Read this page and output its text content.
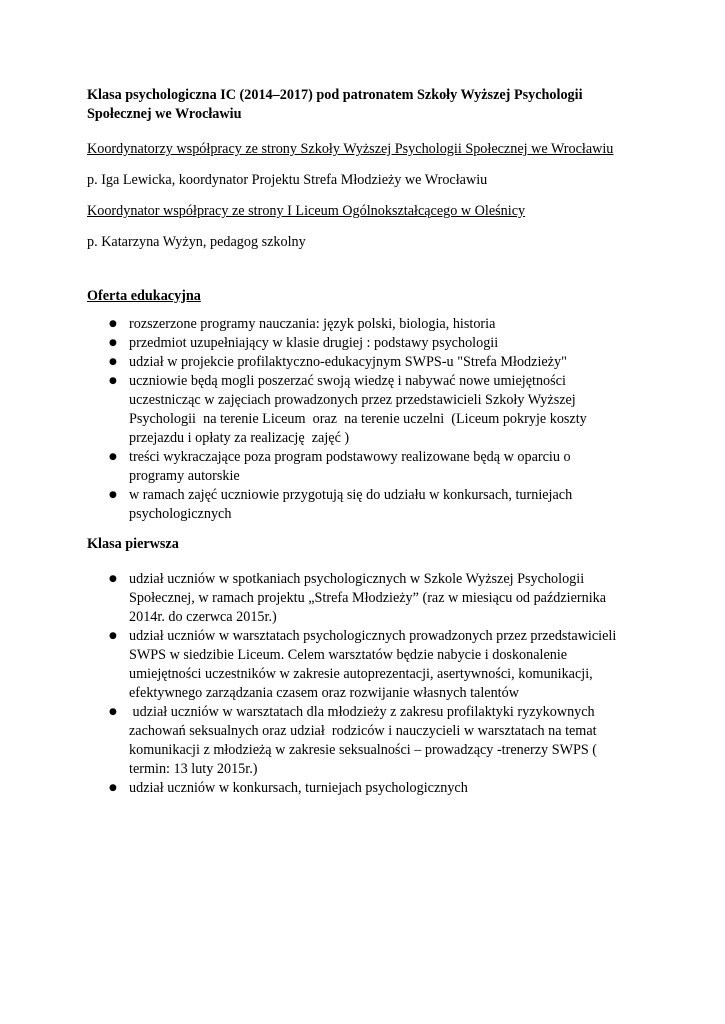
Klasa psychologiczna IC (2014–2017) pod patronatem Szkoły Wyższej Psychologii
Społecznej we Wrocławiu

Koordynatorzy współpracy ze strony Szkoły Wyższej Psychologii Społecznej we Wrocławiu

p. Iga Lewicka, koordynator Projektu Strefa Młodzieży we Wrocławiu

Koordynator współpracy ze strony I Liceum Ogólnokształcącego w Oleśnicy

p. Katarzyna Wyżyn, pedagog szkolny

Oferta edukacyjna

● rozszerzone programy nauczania: język polski, biologia, historia
● przedmiot uzupełniający w klasie drugiej : podstawy psychologii
● udział w projekcie profilaktyczno-edukacyjnym SWPS-u "Strefa Młodzieży"
● uczniowie będą mogli poszerzać swoją wiedzę i nabywać nowe umiejętności
uczestnicząc w zajęciach prowadzonych przez przedstawicieli Szkoły Wyższej
Psychologii  na terenie Liceum  oraz  na terenie uczelni  (Liceum pokryje koszty
przejazdu i opłaty za realizację  zajęć )
● treści wykraczające poza program podstawowy realizowane będą w oparciu o
programy autorskie
● w ramach zajęć uczniowie przygotują się do udziału w konkursach, turniejach
psychologicznych

Klasa pierwsza

● udział uczniów w spotkaniach psychologicznych w Szkole Wyższej Psychologii
Społecznej, w ramach projektu „Strefa Młodzieży” (raz w miesiącu od października
2014r. do czerwca 2015r.)
● udział uczniów w warsztatach psychologicznych prowadzonych przez przedstawicieli
SWPS w siedzibie Liceum. Celem warsztatów będzie nabycie i doskonalenie
umiejętności uczestników w zakresie autoprezentacji, asertywności, komunikacji,
efektywnego zarządzania czasem oraz rozwijanie własnych talentów
● udział uczniów w warsztatach dla młodzieży z zakresu profilaktyki ryzykownych
zachowań seksualnych oraz udział  rodziców i nauczycieli w warsztatach na temat
komunikacji z młodzieżą w zakresie seksualności – prowadzący -trenerzy SWPS (
termin: 13 luty 2015r.)
● udział uczniów w konkursach, turniejach psychologicznych
